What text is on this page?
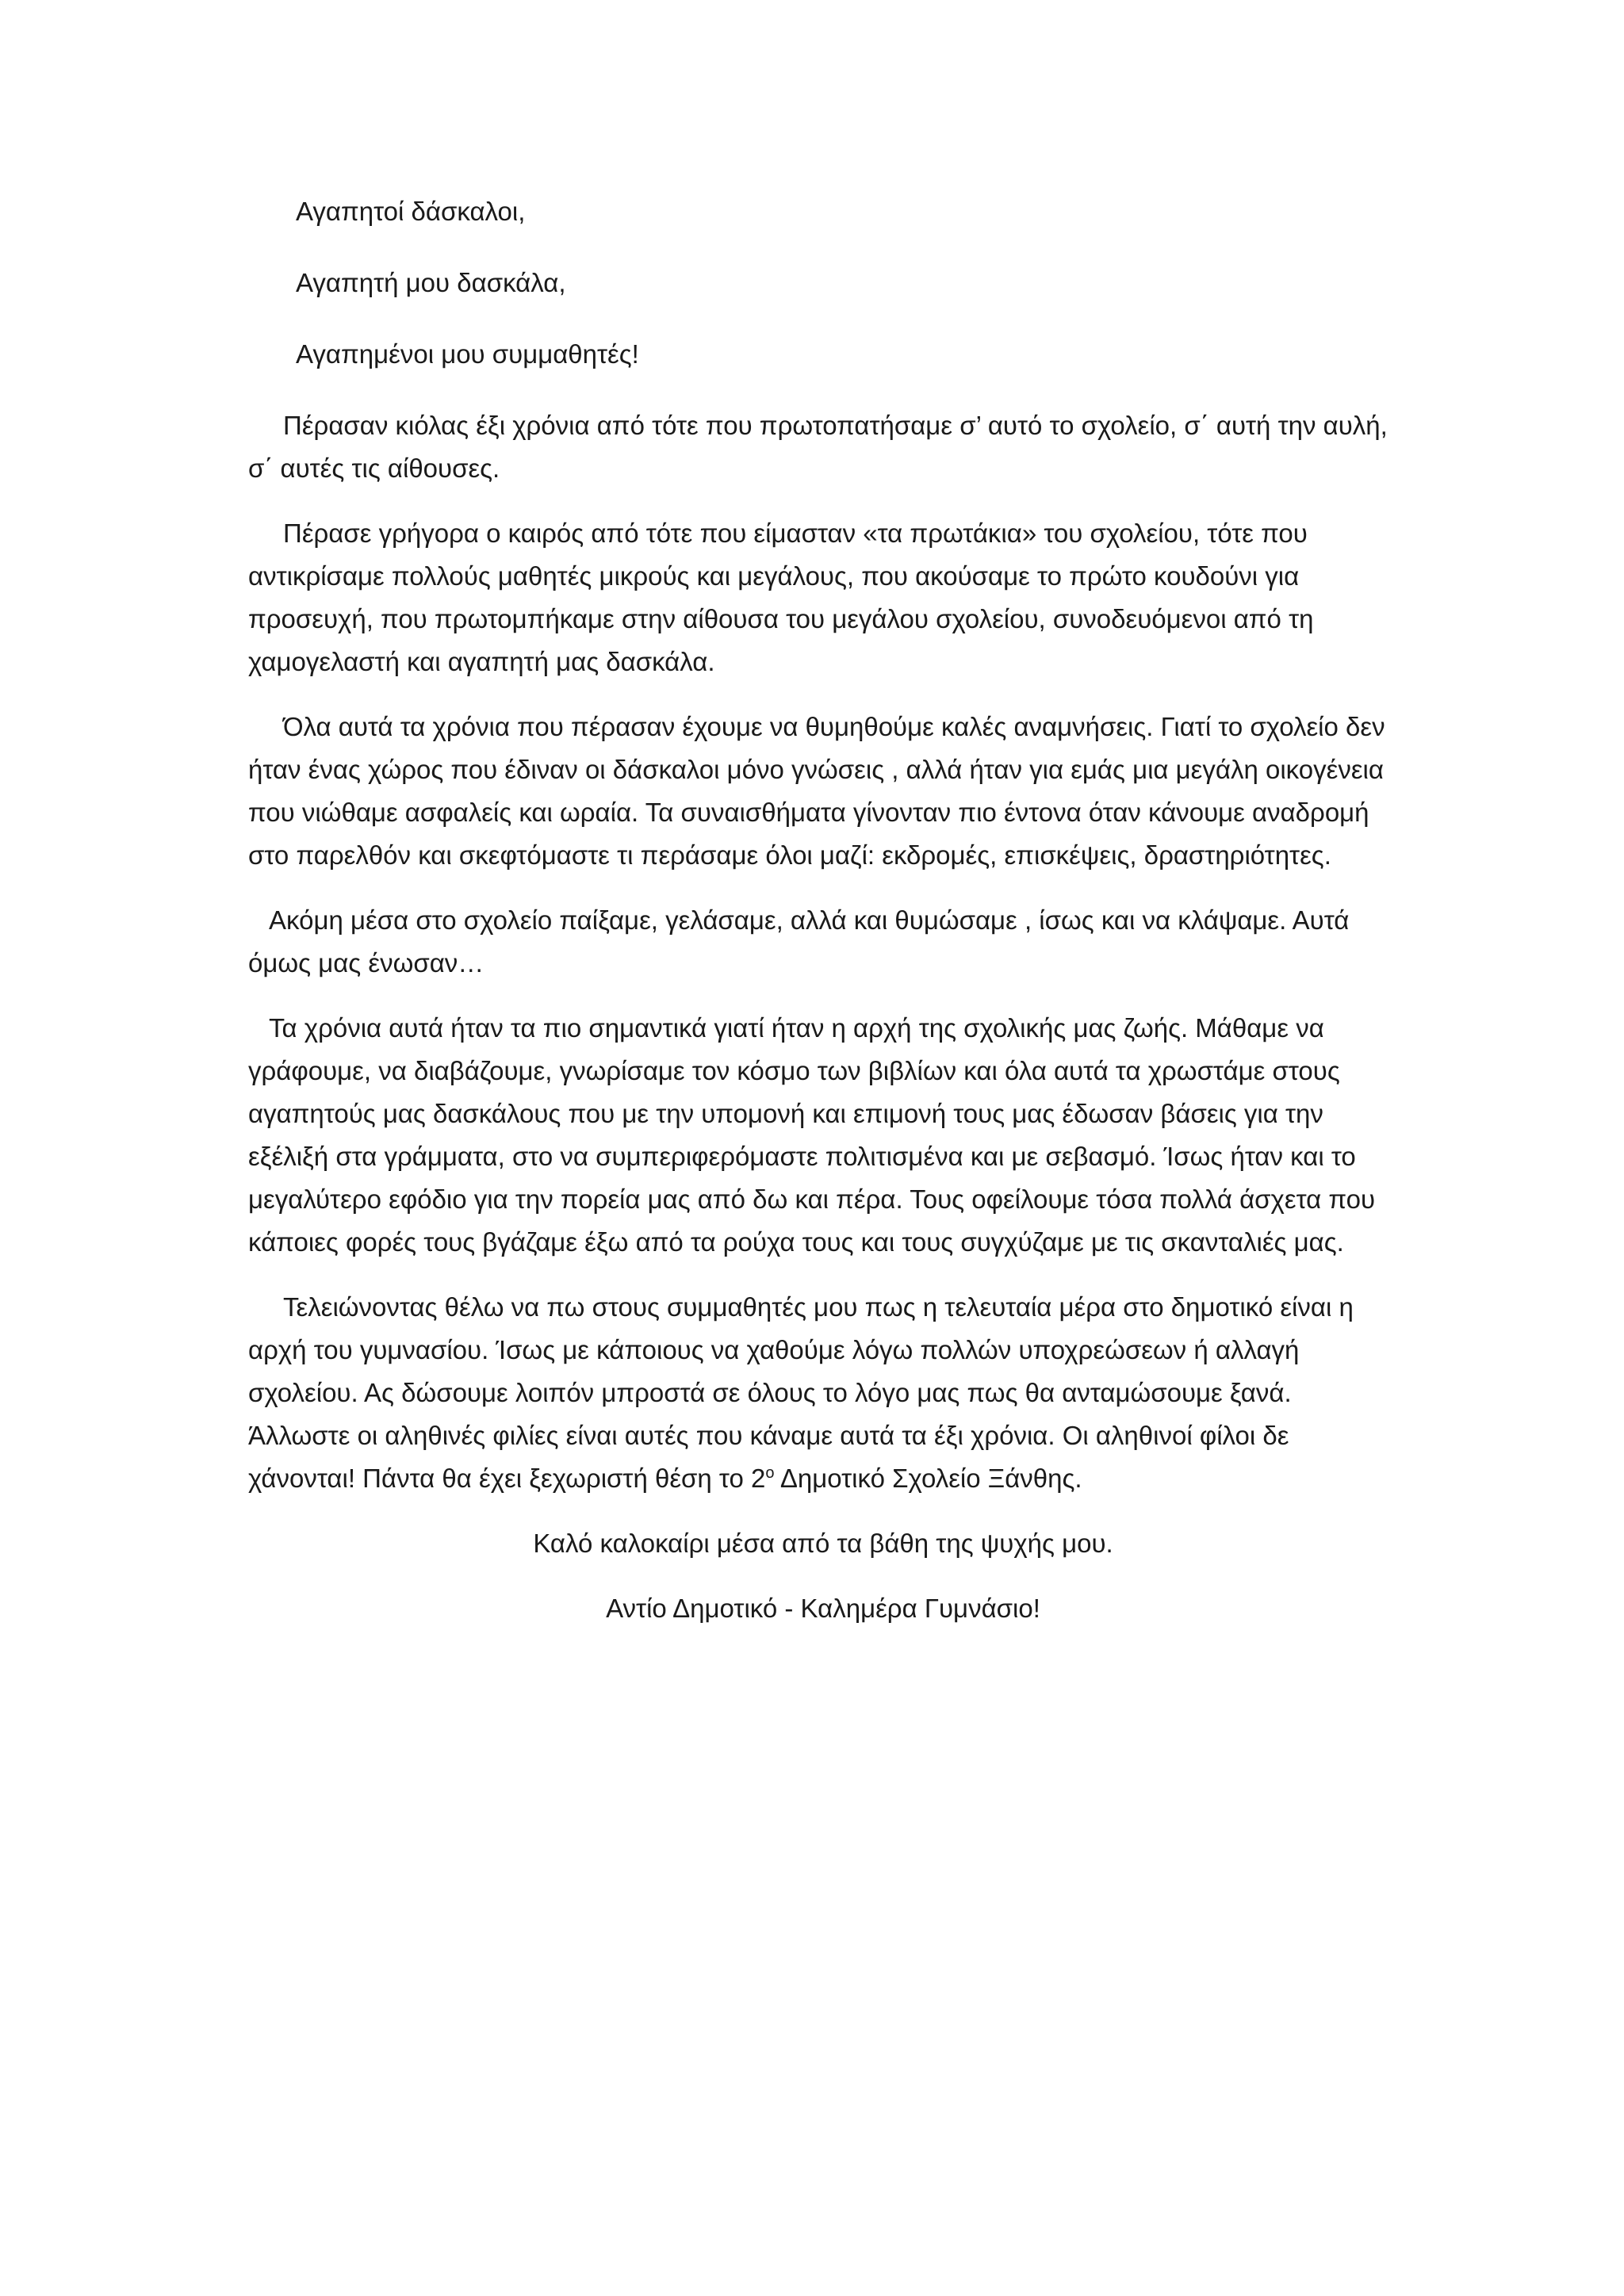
Αγαπητοί δάσκαλοι,

Αγαπητή μου δασκάλα,

Αγαπημένοι μου συμμαθητές!

Πέρασαν κιόλας έξι χρόνια από τότε που πρωτοπατήσαμε σ’ αυτό το σχολείο, σ΄ αυτή την αυλή, σ΄ αυτές τις αίθουσες.

Πέρασε γρήγορα ο καιρός από τότε που είμασταν «τα πρωτάκια» του σχολείου, τότε που αντικρίσαμε πολλούς μαθητές μικρούς και μεγάλους, που ακούσαμε το πρώτο κουδούνι για προσευχή, που πρωτομπήκαμε στην αίθουσα του μεγάλου σχολείου, συνοδευόμενοι από τη χαμογελαστή και αγαπητή μας δασκάλα.

Όλα αυτά τα χρόνια που πέρασαν έχουμε να θυμηθούμε καλές αναμνήσεις. Γιατί το σχολείο δεν ήταν ένας χώρος που έδιναν οι δάσκαλοι μόνο γνώσεις , αλλά ήταν για εμάς μια μεγάλη οικογένεια που νιώθαμε ασφαλείς και ωραία. Τα συναισθήματα γίνονταν πιο έντονα όταν κάνουμε αναδρομή στο παρελθόν και σκεφτόμαστε τι περάσαμε όλοι μαζί: εκδρομές, επισκέψεις, δραστηριότητες.

Ακόμη μέσα στο σχολείο παίξαμε, γελάσαμε, αλλά και θυμώσαμε , ίσως και να κλάψαμε. Αυτά όμως μας ένωσαν…

Τα χρόνια αυτά ήταν τα πιο σημαντικά γιατί ήταν η αρχή της σχολικής μας ζωής. Μάθαμε να γράφουμε, να διαβάζουμε, γνωρίσαμε τον κόσμο των βιβλίων και όλα αυτά τα χρωστάμε στους αγαπητούς μας δασκάλους που με την υπομονή και επιμονή τους μας έδωσαν βάσεις για την εξέλιξή στα γράμματα, στο να συμπεριφερόμαστε πολιτισμένα και με σεβασμό. Ίσως ήταν και το μεγαλύτερο εφόδιο για την πορεία μας από δω και πέρα. Τους οφείλουμε τόσα πολλά άσχετα που κάποιες φορές τους βγάζαμε έξω από τα ρούχα τους και τους συγχύζαμε με τις σκανταλιές μας.

Τελειώνοντας θέλω να πω στους συμμαθητές μου πως η τελευταία μέρα στο δημοτικό είναι η αρχή του γυμνασίου. Ίσως με κάποιους να χαθούμε λόγω πολλών υποχρεώσεων ή αλλαγή σχολείου. Ας δώσουμε λοιπόν μπροστά σε όλους το λόγο μας πως θα ανταμώσουμε ξανά. Άλλωστε οι αληθινές φιλίες είναι αυτές που κάναμε αυτά τα έξι χρόνια. Οι αληθινοί φίλοι δε χάνονται! Πάντα θα έχει ξεχωριστή θέση το $2^o$ Δημοτικό Σχολείο Ξάνθης.

Καλό καλοκαίρι μέσα από τα βάθη της ψυχής μου.

Αντίο Δημοτικό - Καλημέρα Γυμνάσιο!
